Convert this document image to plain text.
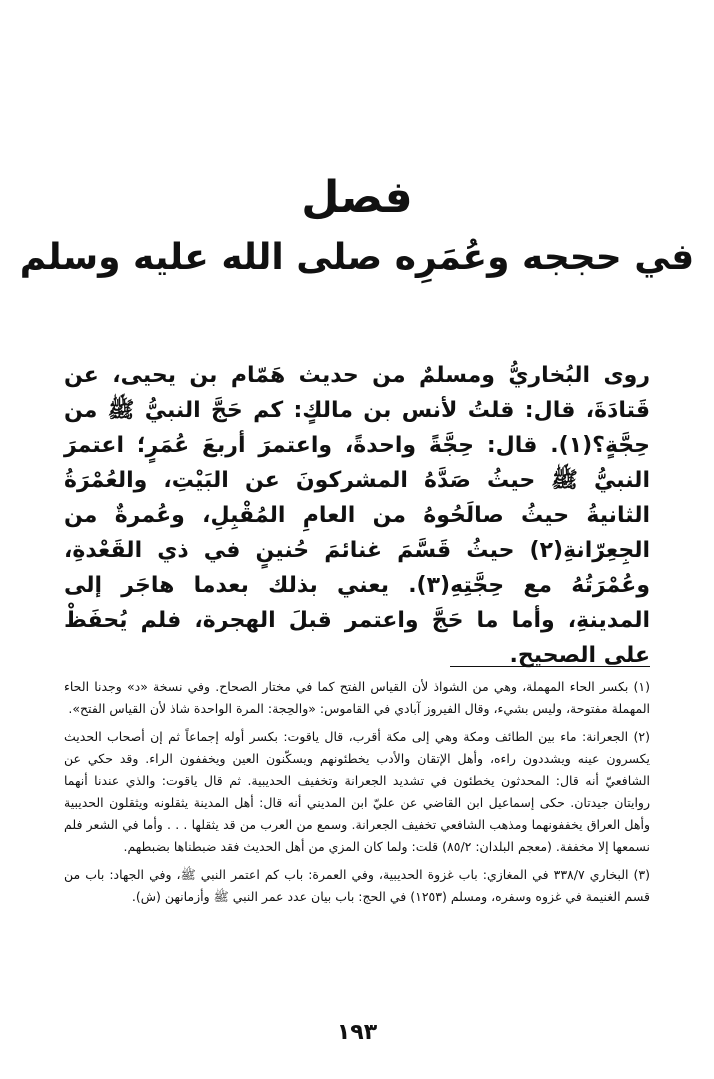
فصل
في حججه وعُمَرِه صلى الله عليه وسلم

روى البُخاريُّ ومسلمٌ من حديث هَمّام بن يحيى، عن قَتادَةَ، قال: قلتُ لأنس بن مالكٍ: كم حَجَّ النبيُّ ﷺ من حِجَّةٍ؟(١). قال: حِجَّةً واحدةً، واعتمرَ أربعَ عُمَرٍ؛ اعتمرَ النبيُّ ﷺ حيثُ صَدَّهُ المشركونَ عن البَيْتِ، والعُمْرَةُ الثانيةُ حيثُ صالَحُوهُ من العامِ المُقْبِلِ، وعُمرةٌ من الجِعِرّانةِ(٢) حيثُ قَسَّمَ غنائمَ حُنينٍ في ذي القَعْدةِ، وعُمْرَتُهُ مع حِجَّتِهِ(٣). يعني بذلك بعدما هاجَر إلى المدينةِ، وأما ما حَجَّ واعتمر قبلَ الهجرة، فلم يُحفَظْ على الصحيح.

(١) بكسر الحاء المهملة، وهي من الشواذ لأن القياس الفتح كما في مختار الصحاح. وفي نسخة «د» وجدنا الحاء المهملة مفتوحة، وليس بشيء، وقال الفيروز آبادي في القاموس: «والحِجة: المرة الواحدة شاذ لأن القياس الفتح».

(٢) الجعرانة: ماء بين الطائف ومكة وهي إلى مكة أقرب، قال ياقوت: بكسر أوله إجماعاً ثم إن أصحاب الحديث يكسرون عينه ويشددون راءه، وأهل الإتقان والأدب يخطئونهم ويسكّنون العين ويخففون الراء. وقد حكي عن الشافعيّ أنه قال: المحدثون يخطئون في تشديد الجعرانة وتخفيف الحديبية. ثم قال ياقوت: والذي عندنا أنهما روايتان جيدتان. حكى إسماعيل ابن القاضي عن عليّ ابن المديني أنه قال: أهل المدينة يثقلونه ويثقلون الحديبية وأهل العراق يخففونهما ومذهب الشافعي تخفيف الجعرانة. وسمع من العرب من قد يثقلها . . . وأما في الشعر فلم نسمعها إلا مخففة. (معجم البلدان: ٨٥/٢) قلت: ولما كان المزي من أهل الحديث فقد ضبطناها بضبطهم.

(٣) البخاري ٣٣٨/٧ في المغازي: باب غزوة الحديبية، وفي العمرة: باب كم اعتمر النبي ﷺ، وفي الجهاد: باب من قسم الغنيمة في غزوه وسفره، ومسلم (١٢٥٣) في الحج: باب بيان عدد عمر النبي ﷺ وأزمانهن (ش).

١٩٣
